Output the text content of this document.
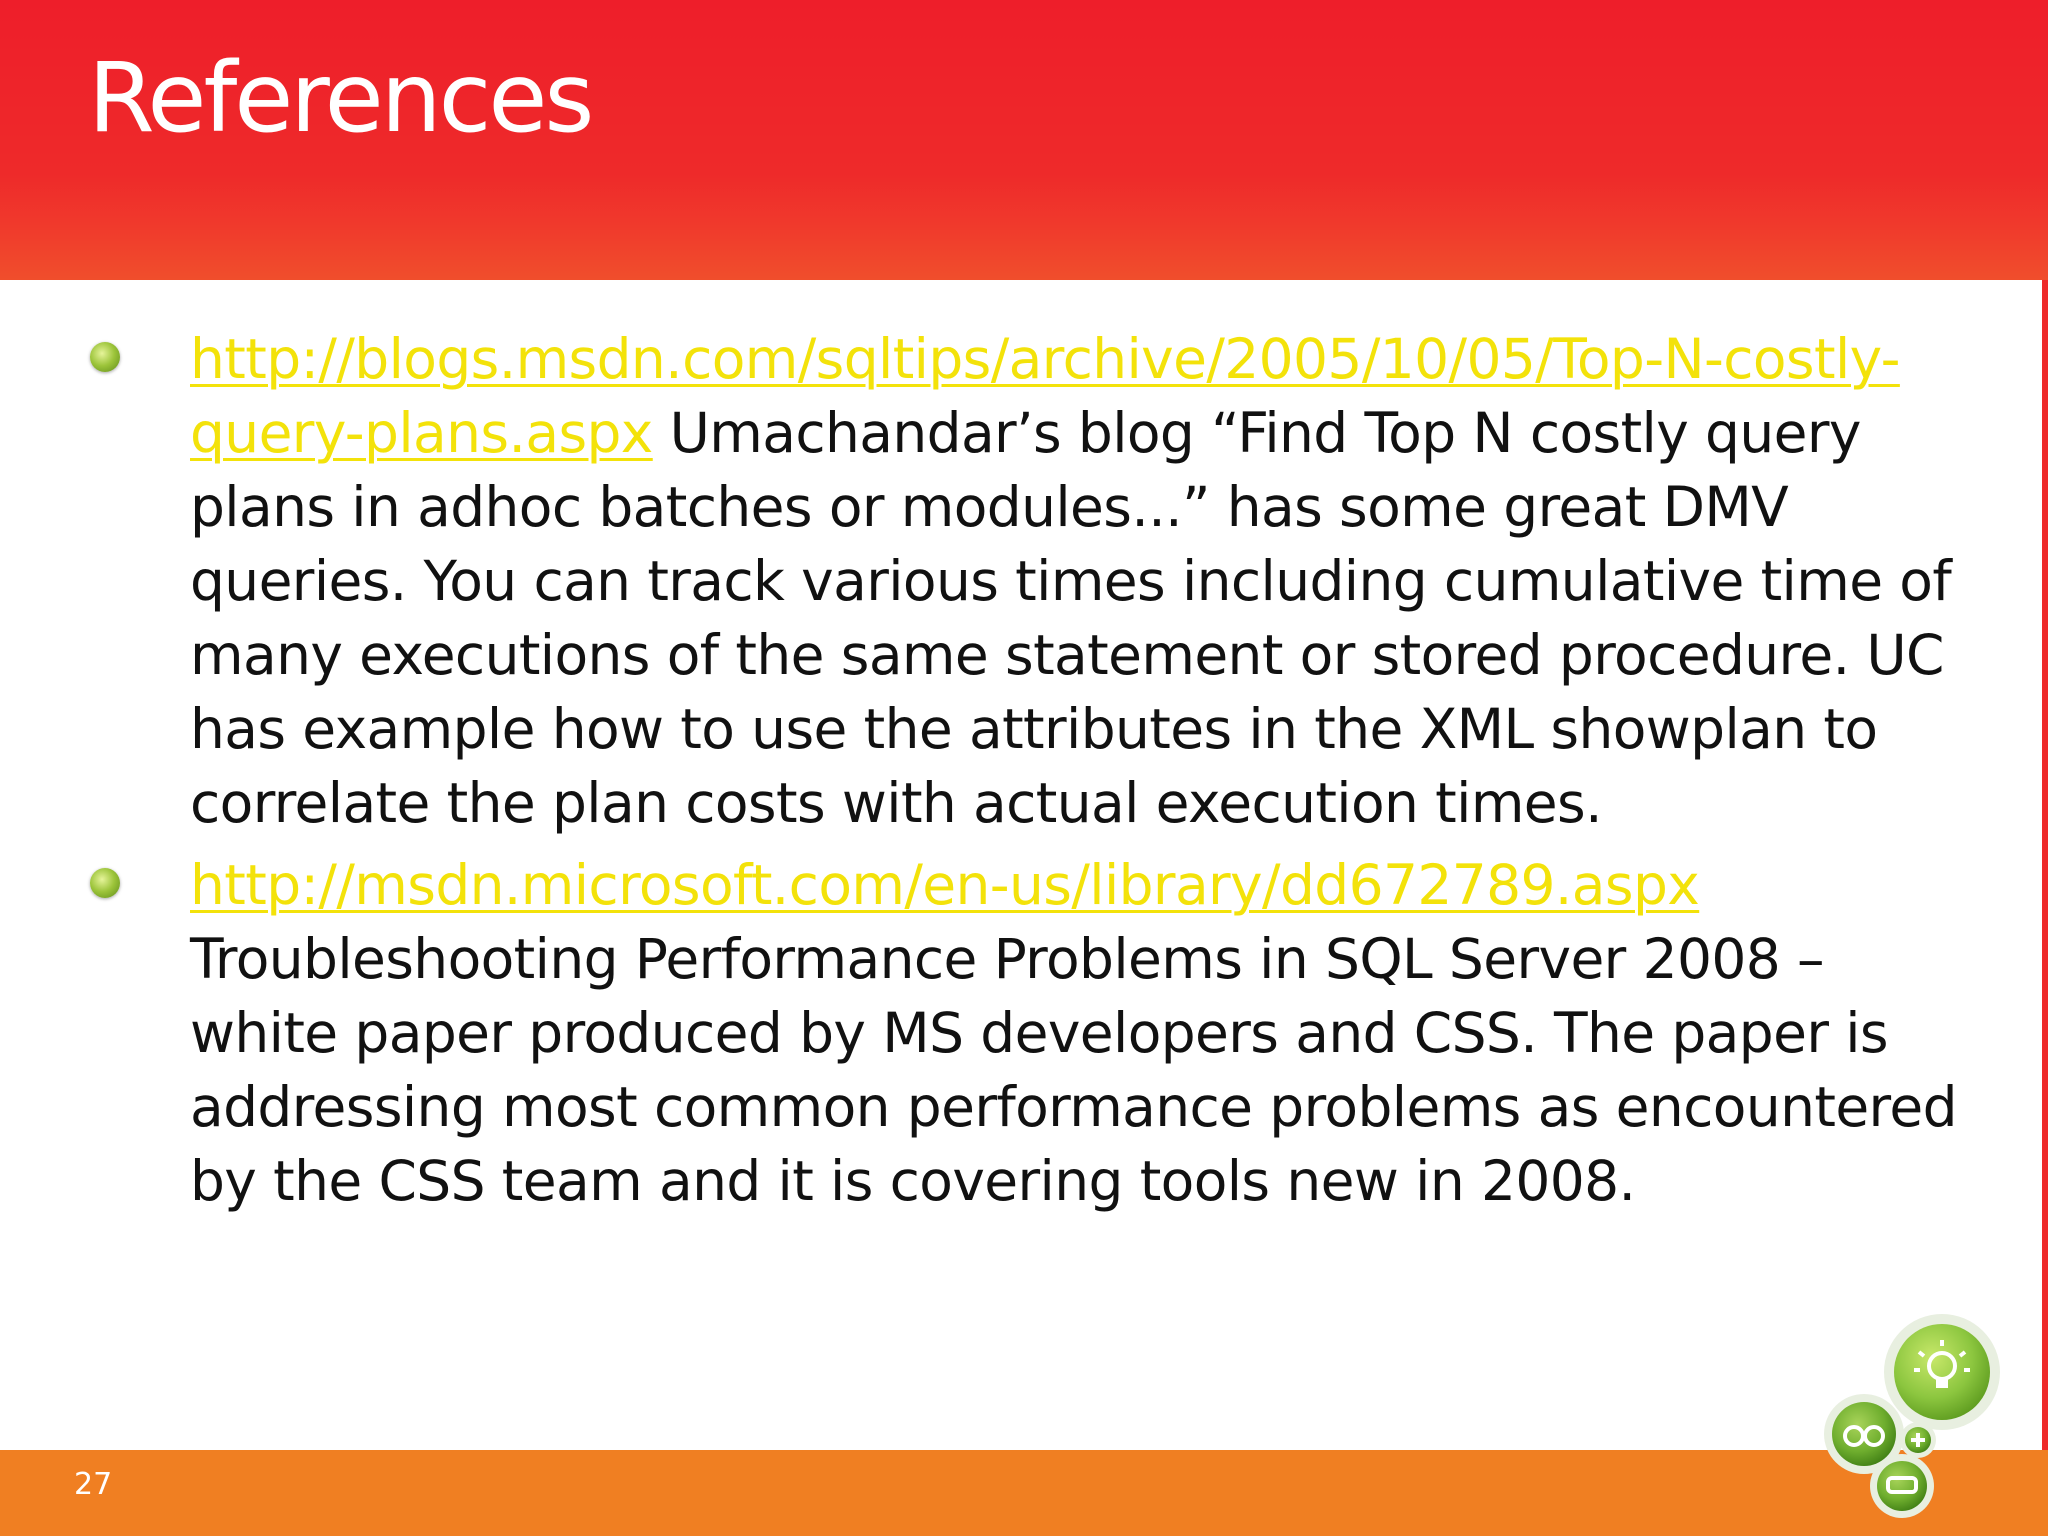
References
http://blogs.msdn.com/sqltips/archive/2005/10/05/Top-N-costly-query-plans.aspx Umachandar’s blog “Find Top N costly query plans in adhoc batches or modules...” has some great DMV queries. You can track various times including cumulative time of many executions of the same statement or stored procedure. UC has example how to use the attributes in the XML showplan to correlate the plan costs with actual execution times.
http://msdn.microsoft.com/en-us/library/dd672789.aspx
Troubleshooting Performance Problems in SQL Server 2008 – white paper produced by MS developers and CSS. The paper is addressing most common performance problems as encountered by the CSS team and it is covering tools new in 2008.
27
